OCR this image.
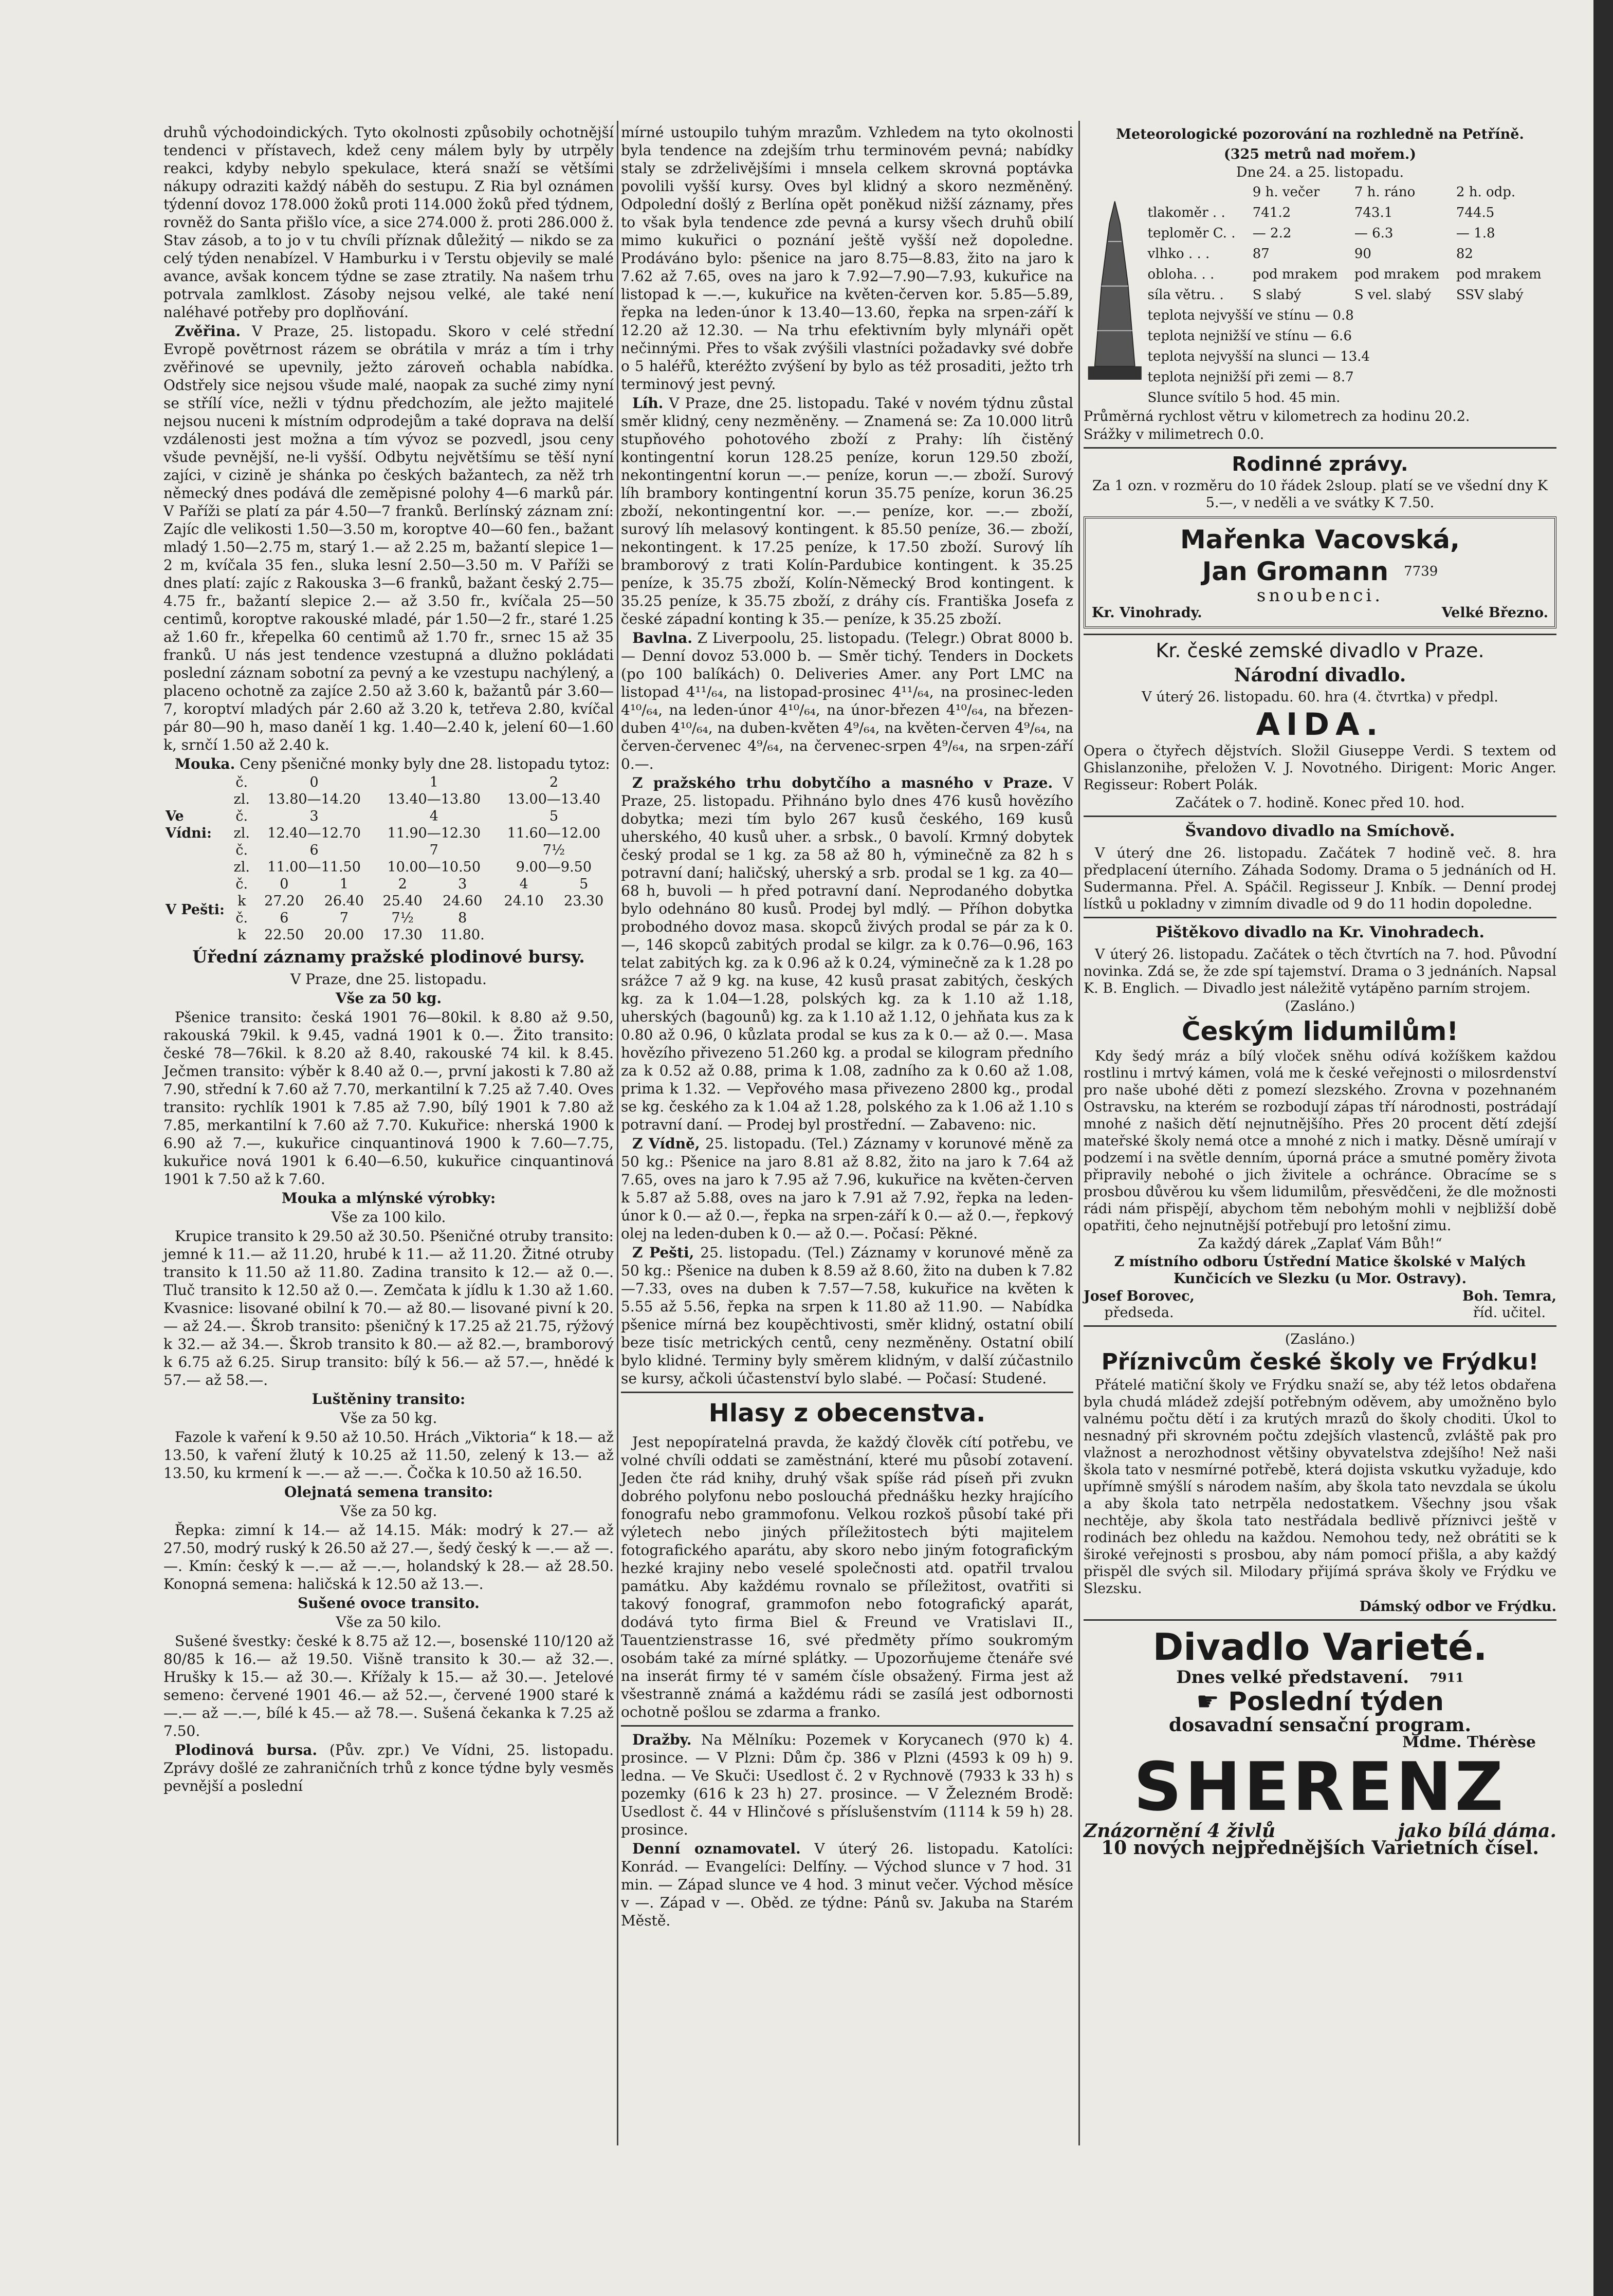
druhů východoindických. Tyto okolnosti způsobily ochotnější tendenci v přístavech, kdež ceny málem byly by utrpěly reakci, kdyby nebylo spekulace, která snaží se většími nákupy odraziti každý náběh do sestupu. Z Ria byl oznámen týdenní dovoz 178.000 žoků proti 114.000 žoků před týdnem, rovněž do Santa přišlo více, a sice 274.000 ž. proti 286.000 ž. Stav zásob, a to jo v tu chvíli příznak důležitý — nikdo se za celý týden nenabízel. V Hamburku i v Terstu objevily se malé avance, avšak koncem týdne se zase ztratily. Na našem trhu potrvala zamlklost. Zásoby nejsou velké, ale také není naléhavé potřeby pro doplňování.

Zvěřina. V Praze, 25. listopadu. Skoro v celé střední Evropě povětrnost rázem se obrátila v mráz a tím i trhy zvěřinové se upevnily, ježto zároveň ochabla nabídka. Odstřely sice nejsou všude malé, naopak za suché zimy nyní se střílí více, nežli v týdnu předchozím, ale ježto majitelé nejsou nuceni k místním odprodejům a také doprava na delší vzdálenosti jest možna a tím vývoz se pozvedl, jsou ceny všude pevnější, ne-li vyšší. Odbytu největšímu se těší nyní zajíci, v cizině je shánka po českých bažantech, za něž trh německý dnes podává dle zeměpisné polohy 4—6 marků pár. V Paříži se platí za pár 4.50—7 franků. Berlínský záznam zní: Zajíc dle velikosti 1.50—3.50 m, koroptve 40—60 fen., bažant mladý 1.50—2.75 m, starý 1.— až 2.25 m, bažantí slepice 1—2 m, kvíčala 35 fen., sluka lesní 2.50—3.50 m. V Paříži se dnes platí: zajíc z Rakouska 3—6 franků, bažant český 2.75—4.75 fr., bažantí slepice 2.— až 3.50 fr., kvíčala 25—50 centimů, koroptve rakouské mladé, pár 1.50—2 fr., staré 1.25 až 1.60 fr., křepelka 60 centimů až 1.70 fr., srnec 15 až 35 franků. U nás jest tendence vzestupná a dlužno pokládati poslední záznam sobotní za pevný a ke vzestupu nachýlený, a placeno ochotně za zajíce 2.50 až 3.60 k, bažantů pár 3.60—7, koroptví mladých pár 2.60 až 3.20 k, tetřeva 2.80, kvíčal pár 80—90 h, maso daněí 1 kg. 1.40—2.40 k, jelení 60—1.60 k, srnčí 1.50 až 2.40 k.

Mouka. Ceny pšeničné monky byly dne 28. listopadu tytoz:

Ve Vídni:	č.	0		1		2	
	zl.	13.80—14.20		13.40—13.80		13.00—13.40	
	č.	3		4		5	
	zl.	12.40—12.70		11.90—12.30		11.60—12.00	
	č.	6		7		7½	
	zl.	11.00—11.50		10.00—10.50		9.00—9.50	
V Pešti:	č.	0	1	2	3	4	5
	k	27.20	26.40	25.40	24.60	24.10	23.30
	č.	6	7	7½	8		
	k	22.50	20.00	17.30	11.80.		
Úřední záznamy pražské plodinové bursy.

V Praze, dne 25. listopadu.

Vše za 50 kg.

Pšenice transito: česká 1901 76—80kil. k 8.80 až 9.50, rakouská 79kil. k 9.45, vadná 1901 k 0.—. Žito transito: české 78—76kil. k 8.20 až 8.40, rakouské 74 kil. k 8.45. Ječmen transito: výběr k 8.40 až 0.—, první jakosti k 7.80 až 7.90, střední k 7.60 až 7.70, merkantilní k 7.25 až 7.40. Oves transito: rychlík 1901 k 7.85 až 7.90, bílý 1901 k 7.80 až 7.85, merkantilní k 7.60 až 7.70. Kukuřice: nherská 1900 k 6.90 až 7.—, kukuřice cinquantinová 1900 k 7.60—7.75, kukuřice nová 1901 k 6.40—6.50, kukuřice cinquantinová 1901 k 7.50 až k 7.60.

Mouka a mlýnské výrobky:

Vše za 100 kilo.

Krupice transito k 29.50 až 30.50. Pšeničné otruby transito: jemné k 11.— až 11.20, hrubé k 11.— až 11.20. Žitné otruby transito k 11.50 až 11.80. Zadina transito k 12.— až 0.—. Tluč transito k 12.50 až 0.—. Zemčata k jídlu k 1.30 až 1.60. Kvasnice: lisované obilní k 70.— až 80.— lisované pivní k 20.— až 24.—. Škrob transito: pšeničný k 17.25 až 21.75, rýžový k 32.— až 34.—. Škrob transito k 80.— až 82.—, bramborový k 6.75 až 6.25. Sirup transito: bílý k 56.— až 57.—, hnědé k 57.— až 58.—.

Luštěniny transito:

Vše za 50 kg.

Fazole k vaření k 9.50 až 10.50. Hrách „Viktoria“ k 18.— až 13.50, k vaření žlutý k 10.25 až 11.50, zelený k 13.— až 13.50, ku krmení k —.— až —.—. Čočka k 10.50 až 16.50.

Olejnatá semena transito:

Vše za 50 kg.

Řepka: zimní k 14.— až 14.15. Mák: modrý k 27.— až 27.50, modrý ruský k 26.50 až 27.—, šedý český k —.— až —.—. Kmín: český k —.— až —.—, holandský k 28.— až 28.50. Konopná semena: haličská k 12.50 až 13.—.

Sušené ovoce transito.

Vše za 50 kilo.

Sušené švestky: české k 8.75 až 12.—, bosenské 110/120 až 80/85 k 16.— až 19.50. Višně transito k 30.— až 32.—. Hrušky k 15.— až 30.—. Křížaly k 15.— až 30.—. Jetelové semeno: červené 1901 46.— až 52.—, červené 1900 staré k —.— až —.—, bílé k 45.— až 78.—. Sušená čekanka k 7.25 až 7.50.

Plodinová bursa. (Pův. zpr.) Ve Vídni, 25. listopadu. Zprávy došlé ze zahraničních trhů z konce týdne byly vesměs pevnější a poslední

mírné ustoupilo tuhým mrazům. Vzhledem na tyto okolnosti byla tendence na zdejším trhu terminovém pevná; nabídky staly se zdrželivějšími i mnsela celkem skrovná poptávka povolili vyšší kursy. Oves byl klidný a skoro nezměněný. Odpolední došlý z Berlína opět poněkud nižší záznamy, přes to však byla tendence zde pevná a kursy všech druhů obilí mimo kukuřici o poznání ještě vyšší než dopoledne. Prodáváno bylo: pšenice na jaro 8.75—8.83, žito na jaro k 7.62 až 7.65, oves na jaro k 7.92—7.90—7.93, kukuřice na listopad k —.—, kukuřice na květen-červen kor. 5.85—5.89, řepka na leden-únor k 13.40—13.60, řepka na srpen-září k 12.20 až 12.30. — Na trhu efektivním byly mlynáři opět nečinnými. Přes to však zvýšili vlastníci požadavky své dobře o 5 haléřů, kteréžto zvýšení by bylo as též prosaditi, ježto trh terminový jest pevný.

Líh. V Praze, dne 25. listopadu. Také v novém týdnu zůstal směr klidný, ceny nezměněny. — Znamená se: Za 10.000 litrů stupňového pohotového zboží z Prahy: líh čistěný kontingentní korun 128.25 peníze, korun 129.50 zboží, nekontingentní korun —.— peníze, korun —.— zboží. Surový líh brambory kontingentní korun 35.75 peníze, korun 36.25 zboží, nekontingentní kor. —.— peníze, kor. —.— zboží, surový líh melasový kontingent. k 85.50 peníze, 36.— zboží, nekontingent. k 17.25 peníze, k 17.50 zboží. Surový líh bramborový z trati Kolín-Pardubice kontingent. k 35.25 peníze, k 35.75 zboží, Kolín-Německý Brod kontingent. k 35.25 peníze, k 35.75 zboží, z dráhy cís. Františka Josefa z české západní konting k 35.— peníze, k 35.25 zboží.

Bavlna. Z Liverpoolu, 25. listopadu. (Telegr.) Obrat 8000 b. — Denní dovoz 53.000 b. — Směr tichý. Tenders in Dockets (po 100 balíkách) 0. Deliveries Amer. any Port LMC na listopad 4¹¹/₆₄, na listopad-prosinec 4¹¹/₆₄, na prosinec-leden 4¹⁰/₆₄, na leden-únor 4¹⁰/₆₄, na únor-březen 4¹⁰/₆₄, na březen-duben 4¹⁰/₆₄, na duben-květen 4⁹/₆₄, na květen-červen 4⁹/₆₄, na červen-červenec 4⁹/₆₄, na červenec-srpen 4⁹/₆₄, na srpen-září 0.—.

Z pražského trhu dobytčího a masného v Praze. V Praze, 25. listopadu. Přihnáno bylo dnes 476 kusů hovězího dobytka; mezi tím bylo 267 kusů českého, 169 kusů uherského, 40 kusů uher. a srbsk., 0 bavolí. Krmný dobytek český prodal se 1 kg. za 58 až 80 h, výminečně za 82 h s potravní daní; haličský, uherský a srb. prodal se 1 kg. za 40—68 h, buvoli — h před potravní daní. Neprodaného dobytka bylo odehnáno 80 kusů. Prodej byl mdlý. — Příhon dobytka probodného dovoz masa. skopců živých prodal se pár za k 0.—, 146 skopců zabitých prodal se kilgr. za k 0.76—0.96, 163 telat zabitých kg. za k 0.96 až k 0.24, výminečně za k 1.28 po srážce 7 až 9 kg. na kuse, 42 kusů prasat zabitých, českých kg. za k 1.04—1.28, polských kg. za k 1.10 až 1.18, uherských (bagounů) kg. za k 1.10 až 1.12, 0 jehňata kus za k 0.80 až 0.96, 0 kůzlata prodal se kus za k 0.— až 0.—. Masa hovězího přivezeno 51.260 kg. a prodal se kilogram předního za k 0.52 až 0.88, prima k 1.08, zadního za k 0.60 až 1.08, prima k 1.32. — Vepřového masa přivezeno 2800 kg., prodal se kg. českého za k 1.04 až 1.28, polského za k 1.06 až 1.10 s potravní daní. — Prodej byl prostřední. — Zabaveno: nic.

Z Vídně, 25. listopadu. (Tel.) Záznamy v korunové měně za 50 kg.: Pšenice na jaro 8.81 až 8.82, žito na jaro k 7.64 až 7.65, oves na jaro k 7.95 až 7.96, kukuřice na květen-červen k 5.87 až 5.88, oves na jaro k 7.91 až 7.92, řepka na leden-únor k 0.— až 0.—, řepka na srpen-září k 0.— až 0.—, řepkový olej na leden-duben k 0.— až 0.—. Počasí: Pěkné.

Z Pešti, 25. listopadu. (Tel.) Záznamy v korunové měně za 50 kg.: Pšenice na duben k 8.59 až 8.60, žito na duben k 7.82—7.33, oves na duben k 7.57—7.58, kukuřice na květen k 5.55 až 5.56, řepka na srpen k 11.80 až 11.90. — Nabídka pšenice mírná bez koupěchtivosti, směr klidný, ostatní obilí beze tisíc metrických centů, ceny nezměněny. Ostatní obilí bylo klidné. Terminy byly směrem klidným, v další zúčastnilo se kursy, ačkoli účastenství bylo slabé. — Počasí: Studené.

Hlasy z obecenstva.

Jest nepopíratelná pravda, že každý člověk cítí potřebu, ve volné chvíli oddati se zaměstnání, které mu působí zotavení. Jeden čte rád knihy, druhý však spíše rád píseň při zvukn dobrého polyfonu nebo poslouchá přednášku hezky hrajícího fonografu nebo grammofonu. Velkou rozkoš působí také při výletech nebo jiných příležitostech býti majitelem fotografického aparátu, aby skoro nebo jiným fotografickým hezké krajiny nebo veselé společnosti atd. opatřil trvalou památku. Aby každému rovnalo se příležitost, ovatřiti si takový fonograf, grammofon nebo fotografický aparát, dodává tyto firma Biel & Freund ve Vratislavi II., Tauentzienstrasse 16, své předměty přímo soukromým osobám také za mírné splátky. — Upozorňujeme čtenáře své na inserát firmy té v samém čísle obsažený. Firma jest až všestranně známá a každému rádi se zasílá jest odbornosti ochotně pošlou se zdarma a franko.

Dražby. Na Mělníku: Pozemek v Korycanech (970 k) 4. prosince. — V Plzni: Dům čp. 386 v Plzni (4593 k 09 h) 9. ledna. — Ve Skuči: Usedlost č. 2 v Rychnově (7933 k 33 h) s pozemky (616 k 23 h) 27. prosince. — V Železném Brodě: Usedlost č. 44 v Hlinčové s příslušenstvím (1114 k 59 h) 28. prosince.

Denní oznamovatel. V úterý 26. listopadu. Katolíci: Konrád. — Evangelíci: Delfíny. — Východ slunce v 7 hod. 31 min. — Západ slunce ve 4 hod. 3 minut večer. Východ měsíce v —. Západ v —. Oběd. ze týdne: Pánů sv. Jakuba na Starém Městě.

Meteorologické pozorování na rozhledně na Petříně.

(325 metrů nad mořem.)

Dne 24. a 25. listopadu.

	9 h. večer	7 h. ráno	2 h. odp.
tlakoměr . .	741.2	743.1	744.5
teploměr C. .	— 2.2	— 6.3	— 1.8
vlhko . . .	87	90	82
obloha. . .	pod mrakem	pod mrakem	pod mrakem
síla větru. .	S slabý	S vel. slabý	SSV slabý
teplota nejvyšší ve stínu — 0.8			
teplota nejnižší ve stínu — 6.6			
teplota nejvyšší na slunci — 13.4			
teplota nejnižší při zemi — 8.7			
Slunce svítilo 5 hod. 45 min.			

Průměrná rychlost větru v kilometrech za hodinu 20.2.

Srážky v milimetrech 0.0.

Rodinné zprávy.

Za 1 ozn. v rozměru do 10 řádek 2sloup. platí se ve všední dny K 5.—, v neděli a ve svátky K 7.50.

Mařenka Vacovská,
Jan Gromann 7739
snoubenci.
Kr. Vinohrady.	Velké Březno.
Kr. české zemské divadlo v Praze.
Národní divadlo.

V úterý 26. listopadu. 60. hra (4. čtvrtka) v předpl.

AIDA.

Opera o čtyřech dějstvích. Složil Giuseppe Verdi. S textem od Ghislanzonihe, přeložen V. J. Novotného. Dirigent: Moric Anger. Regisseur: Robert Polák.

Začátek o 7. hodině. Konec před 10. hod.

Švandovo divadlo na Smíchově.

V úterý dne 26. listopadu. Začátek 7 hodině več. 8. hra předplacení úterního. Záhada Sodomy. Drama o 5 jednáních od H. Sudermanna. Přel. A. Spáčil. Regisseur J. Knbík. — Denní prodej lístků u pokladny v zimním divadle od 9 do 11 hodin dopoledne.

Pištěkovo divadlo na Kr. Vinohradech.

V úterý 26. listopadu. Začátek o těch čtvrtích na 7. hod. Původní novinka. Zdá se, že zde spí tajemství. Drama o 3 jednáních. Napsal K. B. Englich. — Divadlo jest náležitě vytápěno parním strojem.

(Zasláno.)

Českým lidumilům!

Kdy šedý mráz a bílý vloček sněhu odívá kožíškem každou rostlinu i mrtvý kámen, volá me k české veřejnosti o milosrdenství pro naše ubohé děti z pomezí slezského. Zrovna v pozehnaném Ostravsku, na kterém se rozbodují zápas tří národnosti, postrádají mnohé z našich dětí nejnutnějšího. Přes 20 procent dětí zdejší mateřské školy nemá otce a mnohé z nich i matky. Děsně umírají v podzemí i na světle denním, úporná práce a smutné poměry života připravily nebohé o jich živitele a ochránce. Obracíme se s prosbou důvěrou ku všem lidumilům, přesvědčeni, že dle možnosti rádi nám přispějí, abychom těm nebohým mohli v nejbližší době opatřiti, čeho nejnutnější potřebují pro letošní zimu.

Za každý dárek „Zaplať Vám Bůh!“

Z místního odboru Ústřední Matice školské v Malých Kunčicích ve Slezku (u Mor. Ostravy).

Josef Borovec,
předseda.
Boh. Temra,
říd. učitel.

(Zasláno.)

Příznivcům české školy ve Frýdku!

Přátelé matiční školy ve Frýdku snaží se, aby též letos obdařena byla chudá mládež zdejší potřebným oděvem, aby umožněno bylo valnému počtu dětí i za krutých mrazů do školy choditi. Úkol to nesnadný při skrovném počtu zdejších vlastenců, zvláště pak pro vlažnost a nerozhodnost většiny obyvatelstva zdejšího! Než naši škola tato v nesmírné potřebě, která dojista vskutku vyžaduje, kdo upřímně smýšlí s národem naším, aby škola tato nevzdala se úkolu a aby škola tato netrpěla nedostatkem. Všechny jsou však nechtěje, aby škola tato nestřádala bedlivě příznivci ještě v rodinách bez ohledu na každou. Nemohou tedy, než obrátiti se k široké veřejnosti s prosbou, aby nám pomocí přišla, a aby každý přispěl dle svých sil. Milodary přijímá správa školy ve Frýdku ve Slezsku.

Dámský odbor ve Frýdku.

Divadlo Varieté.
Dnes velké představení. 7911
☛ Poslední týden
dosavadní sensační program.
Mdme. Thérèse
SHERENZ
Znázornění 4 živlů	jako bílá dáma.
10 nových nejpřednějších Varietních čísel.
